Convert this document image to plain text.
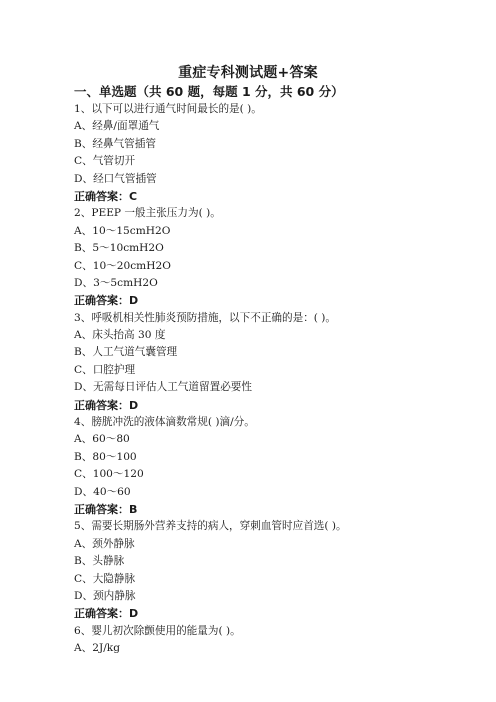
重症专科测试题+答案
一、单选题（共 60 题，每题 1 分，共 60 分）
1、以下可以进行通气时间最长的是( )。
A、经鼻/面罩通气
B、经鼻气管插管
C、气管切开
D、经口气管插管
正确答案：C
2、PEEP 一般主张压力为( )。
A、10～15cmH2O
B、5～10cmH2O
C、10～20cmH2O
D、3～5cmH2O
正确答案：D
3、呼吸机相关性肺炎预防措施，以下不正确的是：( )。
A、床头抬高 30 度
B、人工气道气囊管理
C、口腔护理
D、无需每日评估人工气道留置必要性
正确答案：D
4、膀胱冲洗的液体滴数常规( )滴/分。
A、60～80
B、80～100
C、100～120
D、40～60
正确答案：B
5、需要长期肠外营养支持的病人，穿刺血管时应首选( )。
A、颈外静脉
B、头静脉
C、大隐静脉
D、颈内静脉
正确答案：D
6、婴儿初次除颤使用的能量为( )。
A、2J/kg
